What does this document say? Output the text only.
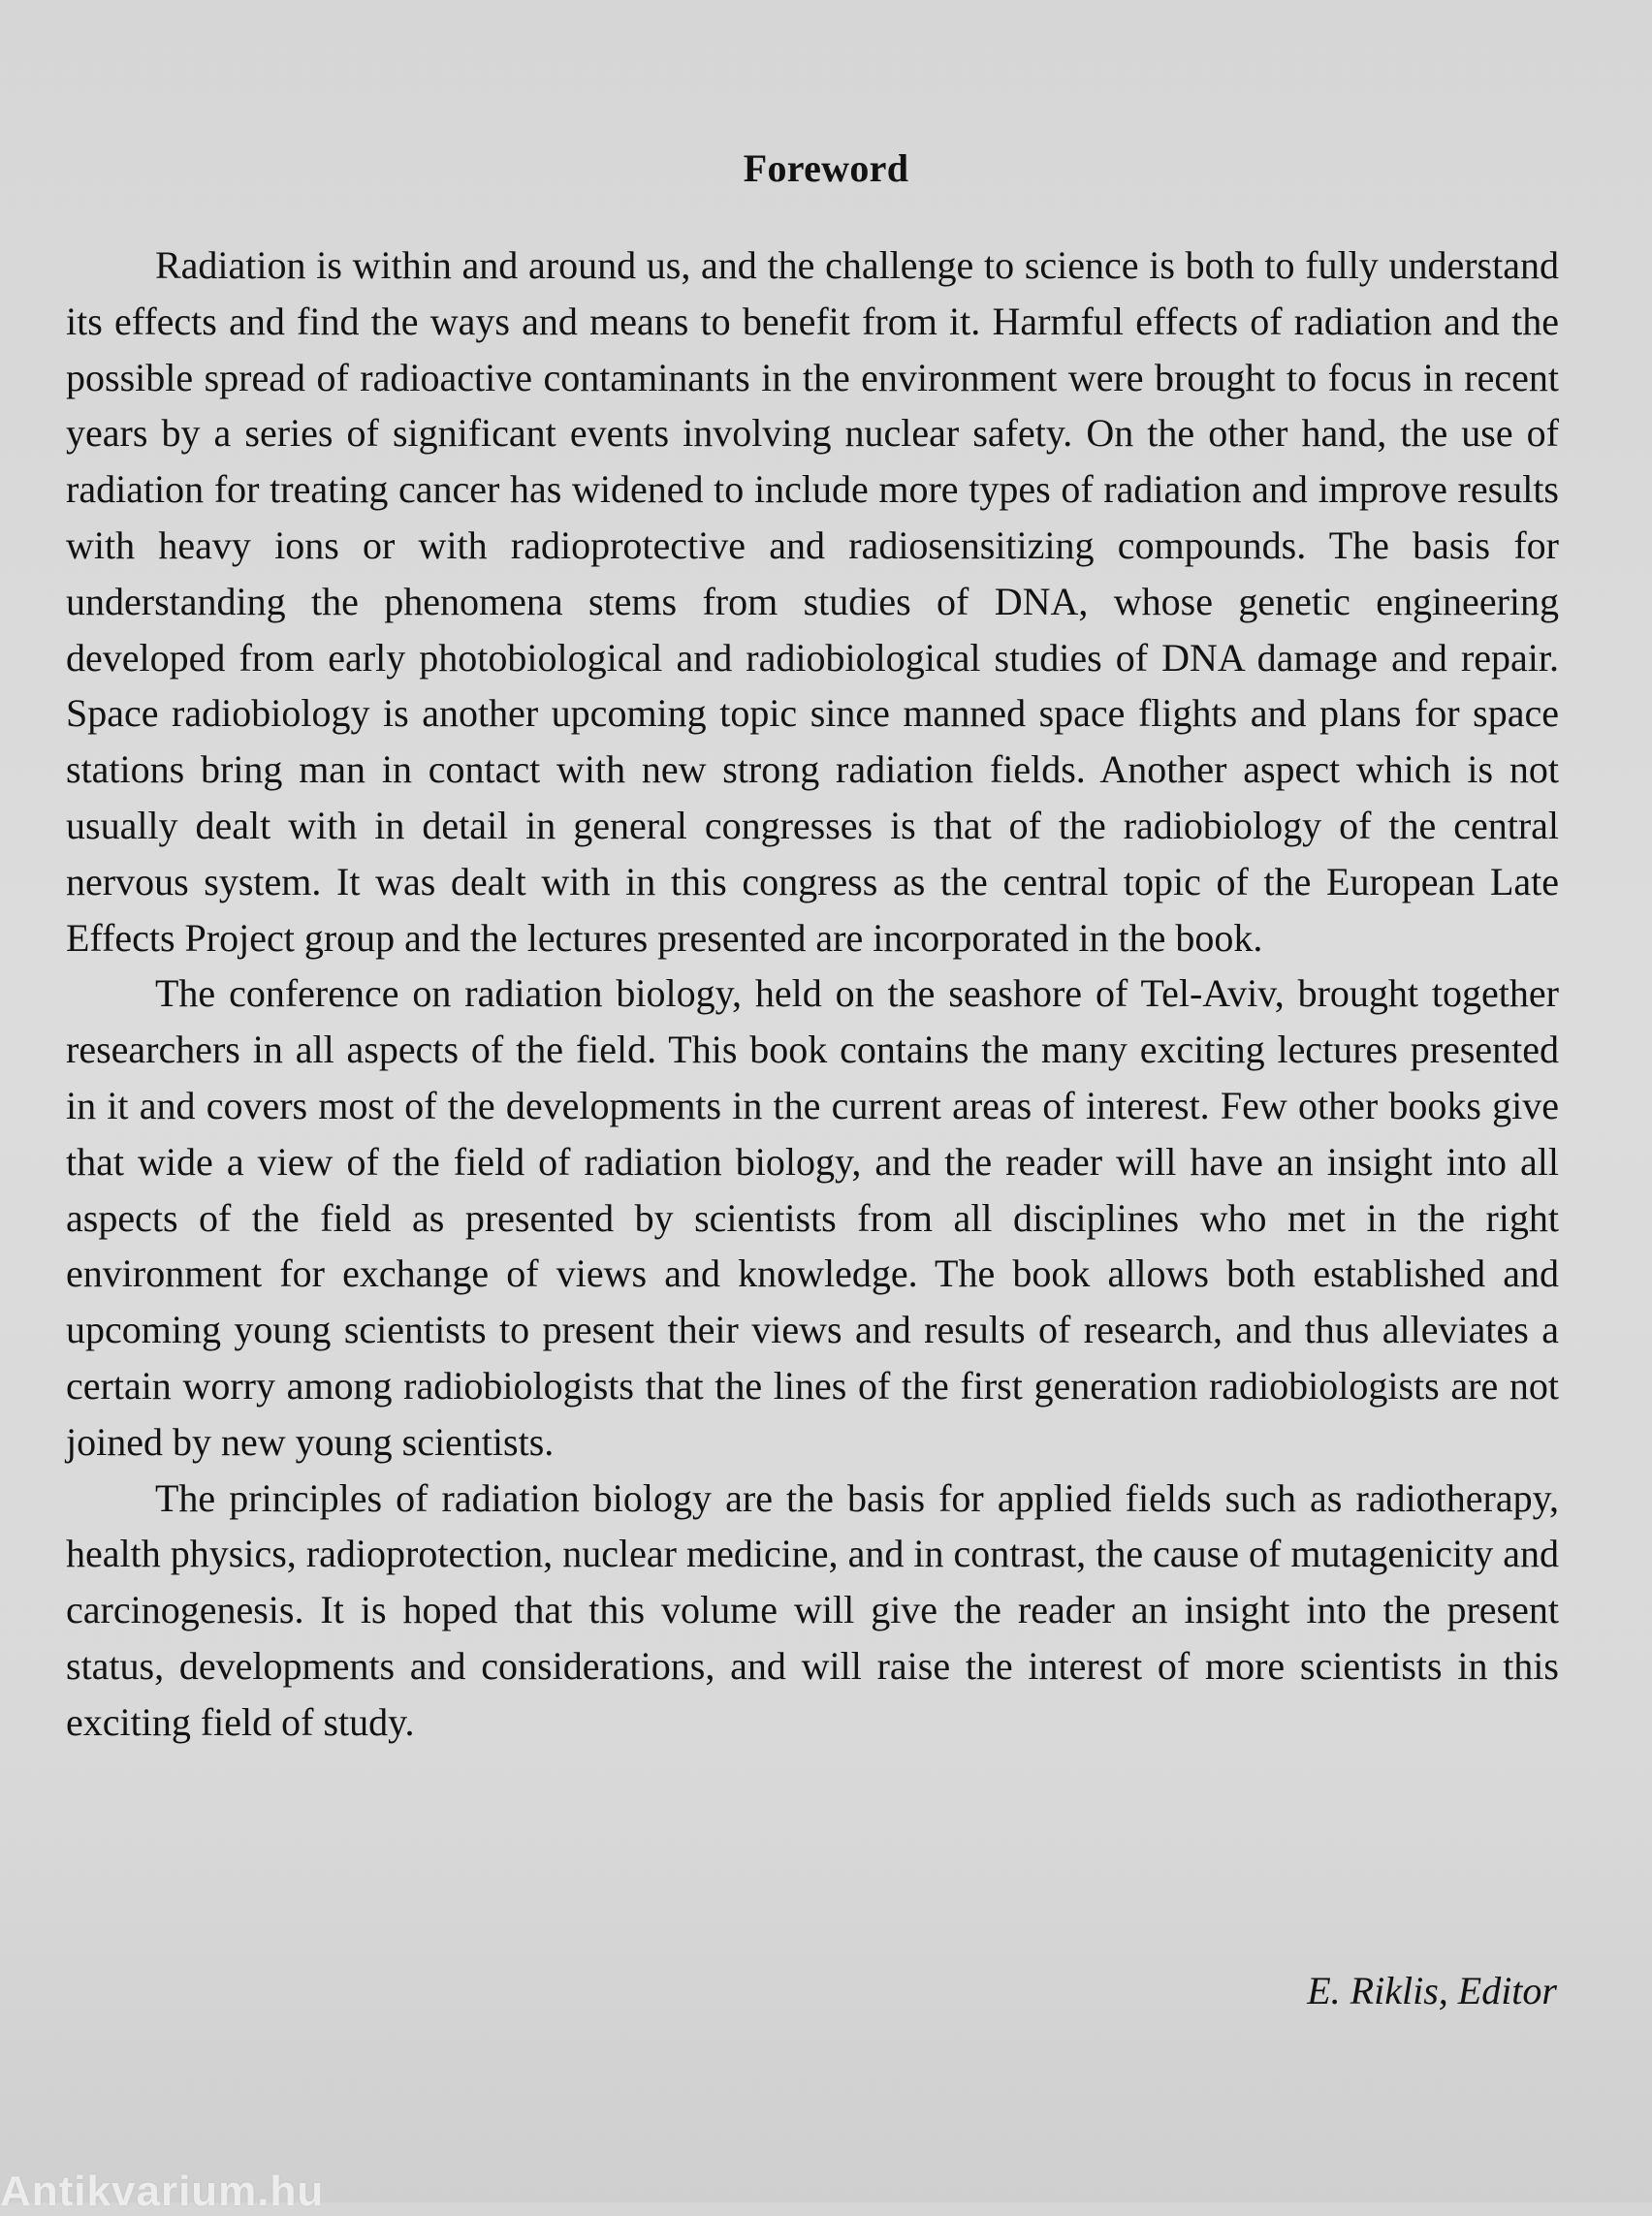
Foreword

Radiation is within and around us, and the challenge to science is both to fully understand its effects and find the ways and means to benefit from it. Harmful effects of radiation and the possible spread of radioactive contaminants in the environment were brought to focus in recent years by a series of significant events involving nuclear safety. On the other hand, the use of radiation for treating cancer has widened to include more types of radiation and improve results with heavy ions or with radioprotective and radiosensitizing compounds. The basis for understanding the phenomena stems from studies of DNA, whose genetic engineering developed from early photobiological and radiobiological studies of DNA damage and repair. Space radiobiology is another upcoming topic since manned space flights and plans for space stations bring man in contact with new strong radiation fields. Another aspect which is not usually dealt with in detail in general congresses is that of the radiobiology of the central nervous system. It was dealt with in this congress as the central topic of the European Late Effects Project group and the lectures presented are incorporated in the book.

The conference on radiation biology, held on the seashore of Tel-Aviv, brought together researchers in all aspects of the field. This book contains the many exciting lectures presented in it and covers most of the developments in the current areas of interest. Few other books give that wide a view of the field of radiation biology, and the reader will have an insight into all aspects of the field as presented by scientists from all disciplines who met in the right environment for exchange of views and knowledge. The book allows both established and upcoming young scientists to present their views and results of research, and thus alleviates a certain worry among radiobiologists that the lines of the first generation radiobiologists are not joined by new young scientists.

The principles of radiation biology are the basis for applied fields such as radiotherapy, health physics, radioprotection, nuclear medicine, and in contrast, the cause of mutagenicity and carcinogenesis. It is hoped that this volume will give the reader an insight into the present status, developments and considerations, and will raise the interest of more scientists in this exciting field of study.

E. Riklis, Editor
Antikvarium.hu
